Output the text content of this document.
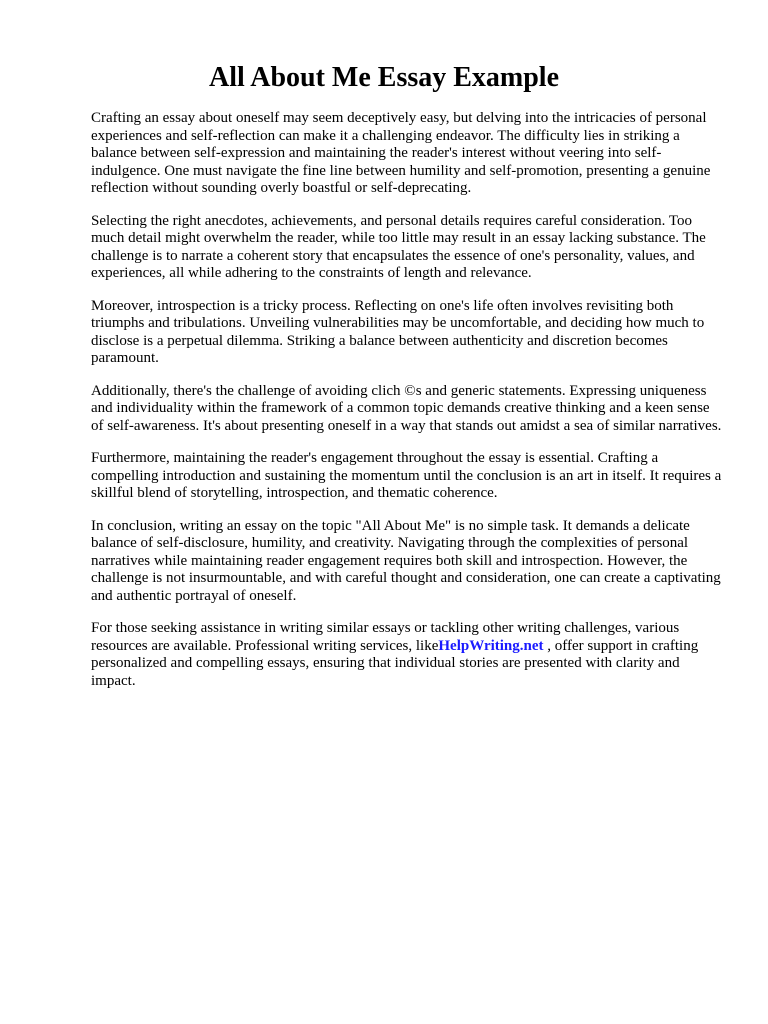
All About Me Essay Example

Crafting an essay about oneself may seem deceptively easy, but delving into the intricacies of personal experiences and self-reflection can make it a challenging endeavor. The difficulty lies in striking a balance between self-expression and maintaining the reader's interest without veering into self-indulgence. One must navigate the fine line between humility and self-promotion, presenting a genuine reflection without sounding overly boastful or self-deprecating.

Selecting the right anecdotes, achievements, and personal details requires careful consideration. Too much detail might overwhelm the reader, while too little may result in an essay lacking substance. The challenge is to narrate a coherent story that encapsulates the essence of one's personality, values, and experiences, all while adhering to the constraints of length and relevance.

Moreover, introspection is a tricky process. Reflecting on one's life often involves revisiting both triumphs and tribulations. Unveiling vulnerabilities may be uncomfortable, and deciding how much to disclose is a perpetual dilemma. Striking a balance between authenticity and discretion becomes paramount.

Additionally, there's the challenge of avoiding clich ©s and generic statements. Expressing uniqueness and individuality within the framework of a common topic demands creative thinking and a keen sense of self-awareness. It's about presenting oneself in a way that stands out amidst a sea of similar narratives.

Furthermore, maintaining the reader's engagement throughout the essay is essential. Crafting a compelling introduction and sustaining the momentum until the conclusion is an art in itself. It requires a skillful blend of storytelling, introspection, and thematic coherence.

In conclusion, writing an essay on the topic "All About Me" is no simple task. It demands a delicate balance of self-disclosure, humility, and creativity. Navigating through the complexities of personal narratives while maintaining reader engagement requires both skill and introspection. However, the challenge is not insurmountable, and with careful thought and consideration, one can create a captivating and authentic portrayal of oneself.

For those seeking assistance in writing similar essays or tackling other writing challenges, various resources are available. Professional writing services, likeHelpWriting.net , offer support in crafting personalized and compelling essays, ensuring that individual stories are presented with clarity and impact.
